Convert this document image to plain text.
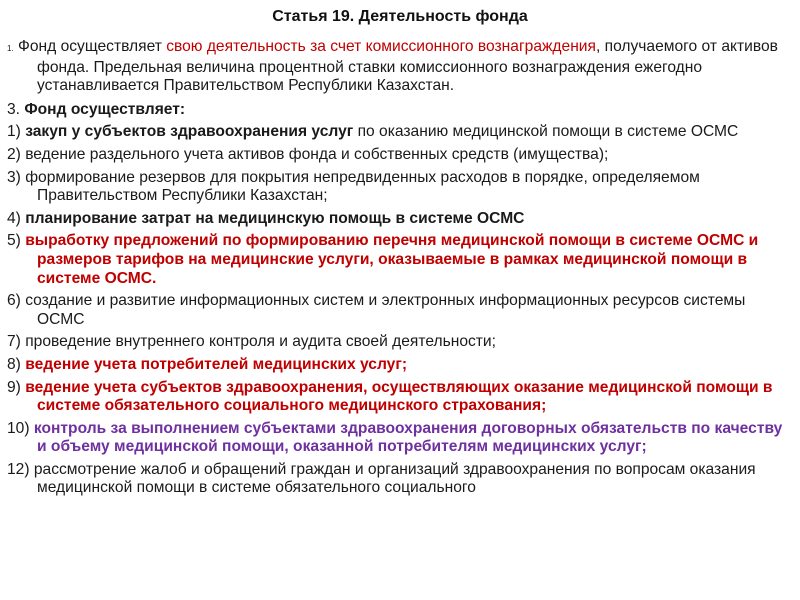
Статья 19. Деятельность фонда
1. Фонд осуществляет свою деятельность за счет комиссионного вознаграждения, получаемого от активов фонда. Предельная величина процентной ставки комиссионного вознаграждения ежегодно устанавливается Правительством Республики Казахстан.
3. Фонд осуществляет:
1) закуп у субъектов здравоохранения услуг по оказанию медицинской помощи в системе ОСМС
2) ведение раздельного учета активов фонда и собственных средств (имущества);
3) формирование резервов для покрытия непредвиденных расходов в порядке, определяемом Правительством Республики Казахстан;
4) планирование затрат на медицинскую помощь в системе ОСМС
5) выработку предложений по формированию перечня медицинской помощи в системе ОСМС и размеров тарифов на медицинские услуги, оказываемые в рамках медицинской помощи в системе ОСМС.
6) создание и развитие информационных систем и электронных информационных ресурсов системы ОСМС
7) проведение внутреннего контроля и аудита своей деятельности;
8) ведение учета потребителей медицинских услуг;
9) ведение учета субъектов здравоохранения, осуществляющих оказание медицинской помощи в системе обязательного социального медицинского страхования;
10) контроль за выполнением субъектами здравоохранения договорных обязательств по качеству и объему медицинской помощи, оказанной потребителям медицинских услуг;
12) рассмотрение жалоб и обращений граждан и организаций здравоохранения по вопросам оказания медицинской помощи в системе обязательного социального
